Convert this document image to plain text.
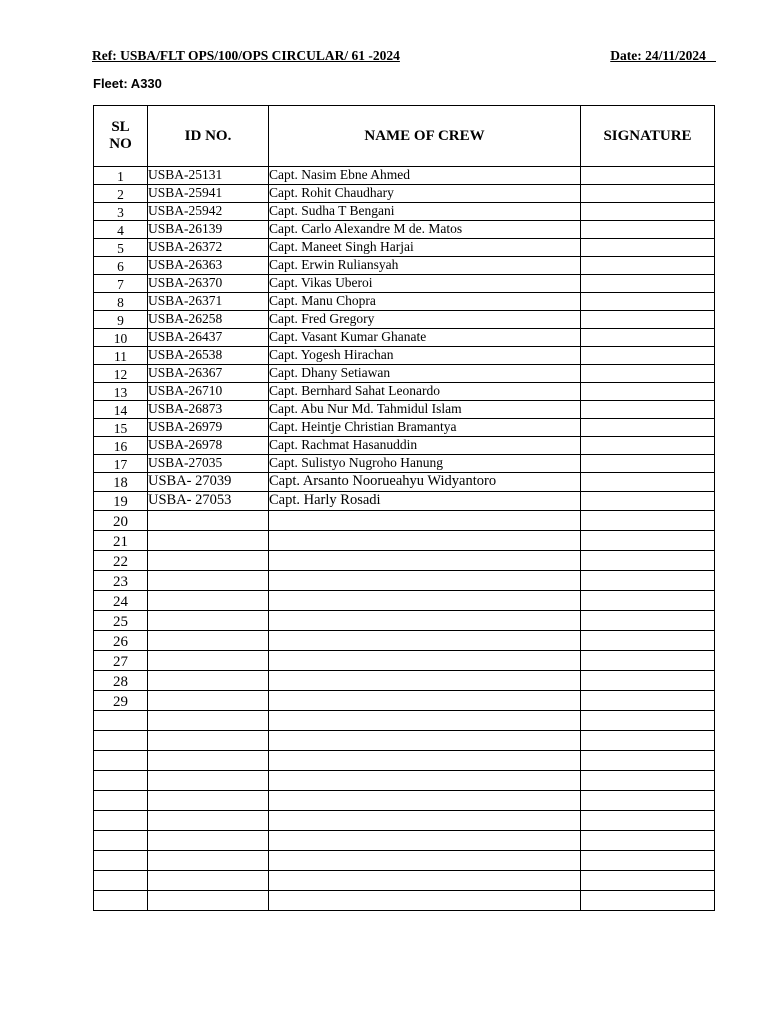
Ref: USBA/FLT OPS/100/OPS CIRCULAR/ 61 -2024	Date: 24/11/2024
Fleet: A330
SL
NO	ID NO.	NAME OF CREW	SIGNATURE
1	USBA-25131	Capt. Nasim Ebne Ahmed	
2	USBA-25941	Capt. Rohit Chaudhary	
3	USBA-25942	Capt. Sudha T Bengani	
4	USBA-26139	Capt. Carlo Alexandre M de. Matos	
5	USBA-26372	Capt. Maneet Singh Harjai	
6	USBA-26363	Capt. Erwin Ruliansyah	
7	USBA-26370	Capt. Vikas Uberoi	
8	USBA-26371	Capt. Manu Chopra	
9	USBA-26258	Capt. Fred Gregory	
10	USBA-26437	Capt. Vasant Kumar Ghanate	
11	USBA-26538	Capt. Yogesh Hirachan	
12	USBA-26367	Capt. Dhany Setiawan	
13	USBA-26710	Capt. Bernhard Sahat Leonardo	
14	USBA-26873	Capt. Abu Nur Md. Tahmidul Islam	
15	USBA-26979	Capt. Heintje Christian Bramantya	
16	USBA-26978	Capt. Rachmat Hasanuddin	
17	USBA-27035	Capt. Sulistyo Nugroho Hanung	
18	USBA- 27039	Capt. Arsanto Nooruеahyu Widyantoro	
19	USBA- 27053	Capt. Harly Rosadi	
20			
21			
22			
23			
24			
25			
26			
27			
28			
29			
